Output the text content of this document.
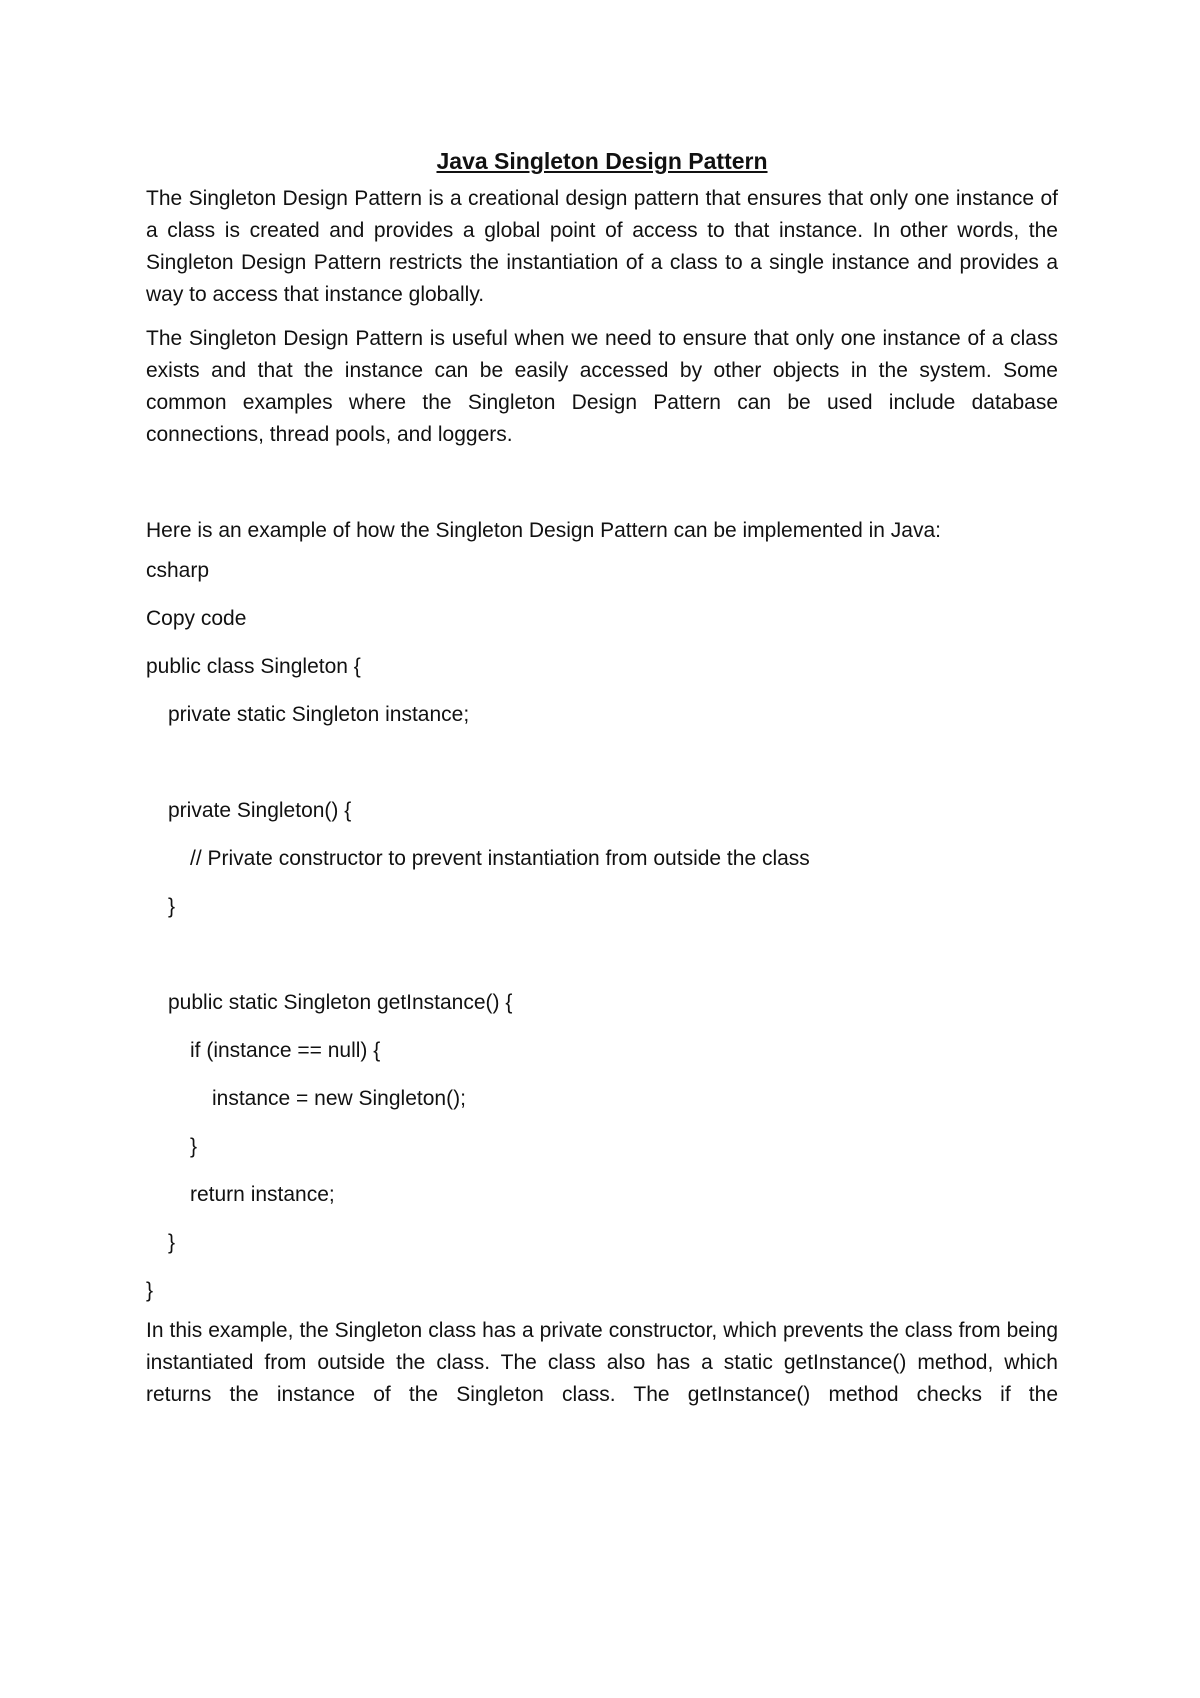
Java Singleton Design Pattern

The Singleton Design Pattern is a creational design pattern that ensures that only one instance of a class is created and provides a global point of access to that instance. In other words, the Singleton Design Pattern restricts the instantiation of a class to a single instance and provides a way to access that instance globally.

The Singleton Design Pattern is useful when we need to ensure that only one instance of a class exists and that the instance can be easily accessed by other objects in the system. Some common examples where the Singleton Design Pattern can be used include database connections, thread pools, and loggers.

Here is an example of how the Singleton Design Pattern can be implemented in Java:

csharp
Copy code
public class Singleton {
private static Singleton instance;
private Singleton() {
// Private constructor to prevent instantiation from outside the class
}
public static Singleton getInstance() {
if (instance == null) {
instance = new Singleton();
}
return instance;
}
}

In this example, the Singleton class has a private constructor, which prevents the class from being instantiated from outside the class. The class also has a static getInstance() method, which returns the instance of the Singleton class. The getInstance() method checks if the
